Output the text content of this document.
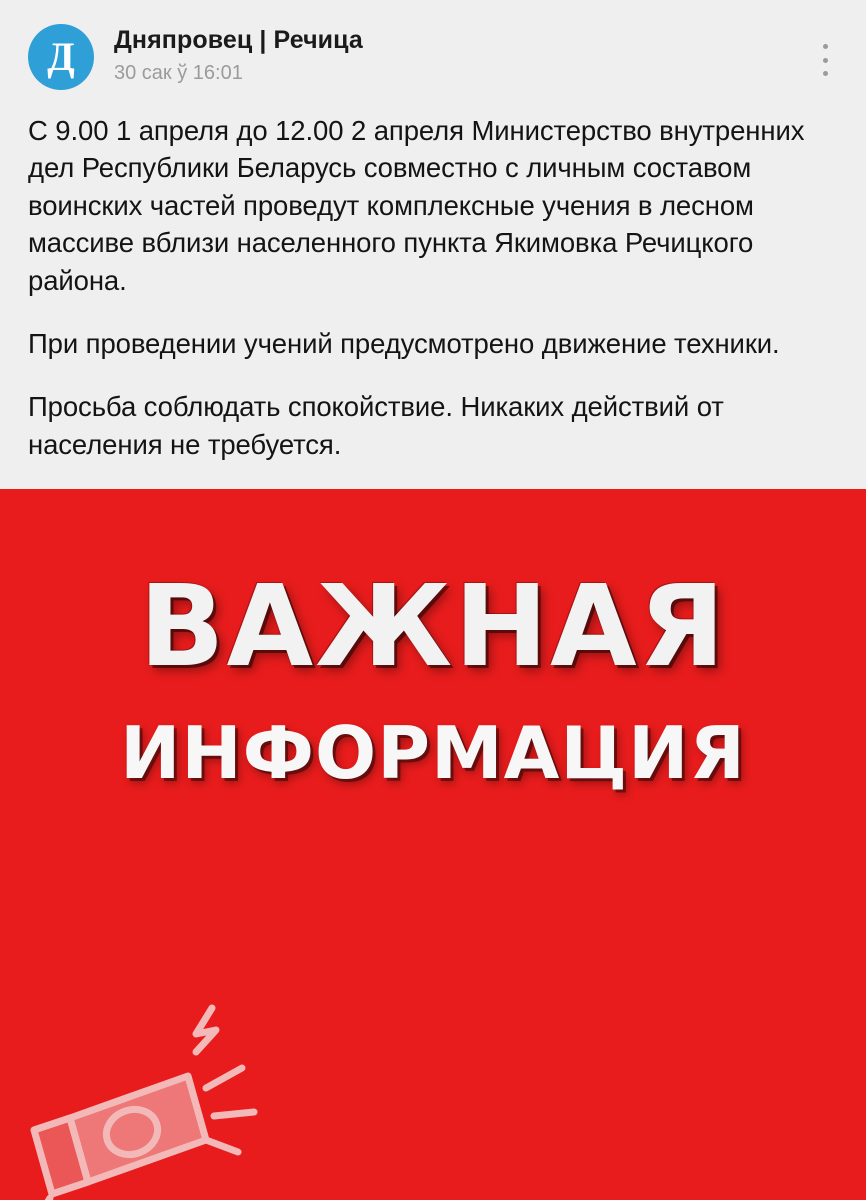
Д Дняпровец | Речица
30 сак ў 16:01

С 9.00 1 апреля до 12.00 2 апреля Министерство внутренних дел Республики Беларусь совместно с личным составом воинских частей проведут комплексные учения в лесном массиве вблизи населенного пункта Якимовка Речицкого района.

При проведении учений предусмотрено движение техники.

Просьба соблюдать спокойствие. Никаких действий от населения не требуется.

ВАЖНАЯ
ИНФОРМАЦИЯ
